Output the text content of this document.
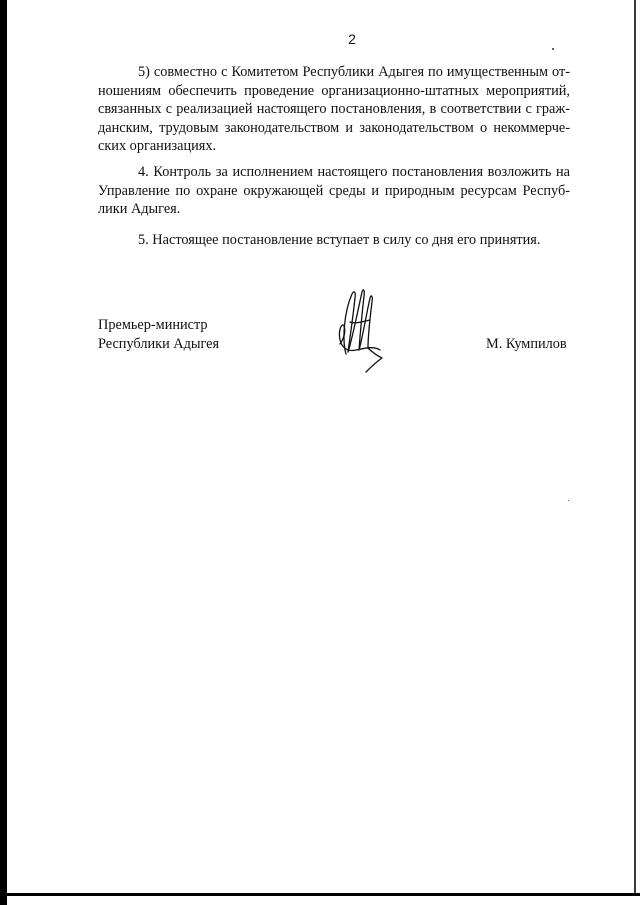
2
5) совместно с Комитетом Республики Адыгея по имущественным от-
ношениям обеспечить проведение организационно-штатных мероприятий,
связанных с реализацией настоящего постановления, в соответствии с граж-
данским, трудовым законодательством и законодательством о некоммерче-
ских организациях.
4. Контроль за исполнением настоящего постановления возложить на
Управление по охране окружающей среды и природным ресурсам Респуб-
лики Адыгея.
5. Настоящее постановление вступает в силу со дня его принятия.
Премьер-министр
Республики Адыгея	М. Кумпилов
